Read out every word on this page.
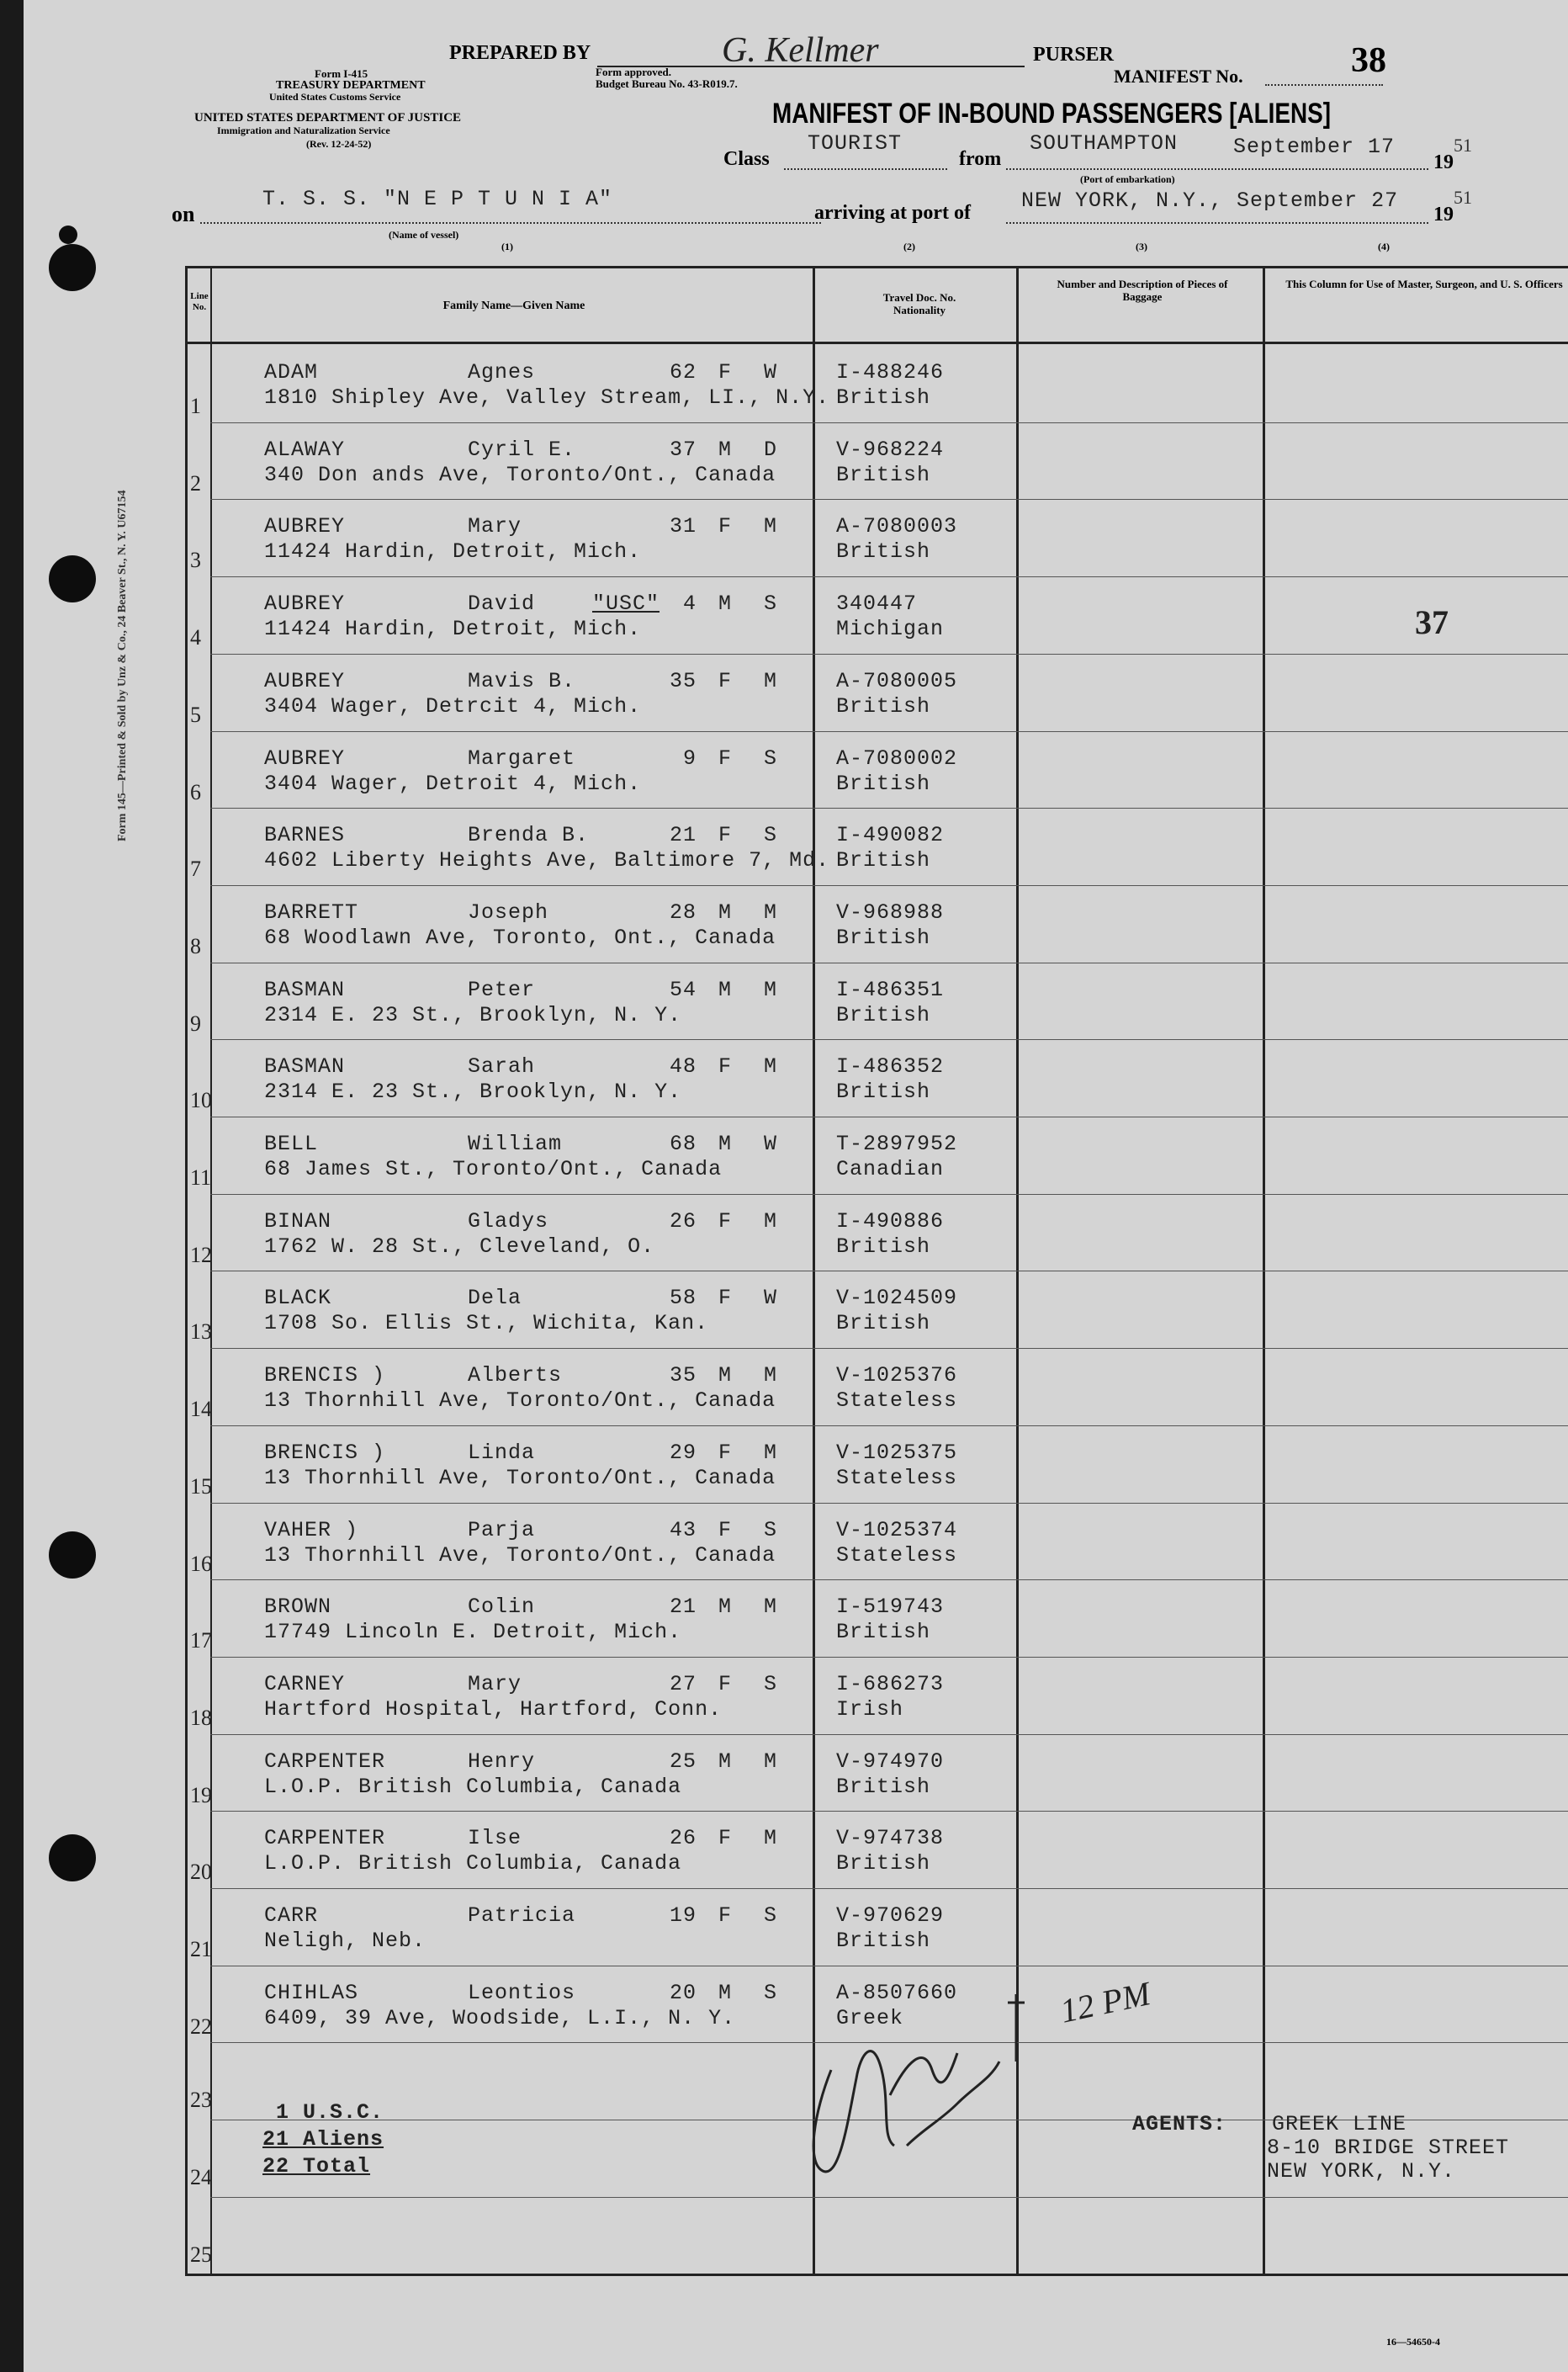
Form 145—Printed & Sold by Unz & Co., 24 Beaver St., N. Y. U67154
PREPARED BY	G. Kellmer	PURSER
MANIFEST No.	38
Form I-415
TREASURY DEPARTMENT
United States Customs Service
UNITED STATES DEPARTMENT OF JUSTICE
Immigration and Naturalization Service
(Rev. 12-24-52)
Form approved.
Budget Bureau No. 43-R019.7.
MANIFEST OF IN-BOUND PASSENGERS [ALIENS]
Class
TOURIST
from
SOUTHAMPTON	September 17
19
51
(Port of embarkation)
on
T. S. S. "N E P T U N I A"
(Name of vessel)
arriving at port of NEW YORK, N.Y., September 27
19
51
(1)	(2)	(3)	(4)
Line No.	Family Name—Given Name
Travel Doc. No. Nationality
Number and Description of Pieces of Baggage
This Column for Use of Master, Surgeon, and U. S. Officers
1
ADAM	Agnes	62 F W
1810 Shipley Ave, Valley Stream, LI., N.Y.
I-488246
British
2
ALAWAY	Cyril E.	37 M D
340 Don ands Ave, Toronto/Ont., Canada
V-968224
British
3
AUBREY	Mary	31 F M
11424 Hardin, Detroit, Mich.
A-7080003
British
4
AUBREY	David	"USC"	4 M S
11424 Hardin, Detroit, Mich.
340447
Michigan
5
AUBREY	Mavis B.	35 F M
3404 Wager, Detrcit 4, Mich.
A-7080005
British
6
AUBREY	Margaret	9 F S
3404 Wager, Detroit 4, Mich.
A-7080002
British
7
BARNES	Brenda B.	21 F S
4602 Liberty Heights Ave, Baltimore 7, Md.
I-490082
British
8
BARRETT	Joseph	28 M M
68 Woodlawn Ave, Toronto, Ont., Canada
V-968988
British
9
BASMAN	Peter	54 M M
2314 E. 23 St., Brooklyn, N. Y.
I-486351
British
10
BASMAN	Sarah	48 F M
2314 E. 23 St., Brooklyn, N. Y.
I-486352
British
11
BELL	William	68 M W
68 James St., Toronto/Ont., Canada
T-2897952
Canadian
12
BINAN	Gladys	26 F M
1762 W. 28 St., Cleveland, O.
I-490886
British
13
BLACK	Dela	58 F W
1708 So. Ellis St., Wichita, Kan.
V-1024509
British
14
BRENCIS )	Alberts	35 M M
13 Thornhill Ave, Toronto/Ont., Canada
V-1025376
Stateless
15
BRENCIS )	Linda	29 F M
13 Thornhill Ave, Toronto/Ont., Canada
V-1025375
Stateless
16
VAHER )	Parja	43 F S
13 Thornhill Ave, Toronto/Ont., Canada
V-1025374
Stateless
17
BROWN	Colin	21 M M
17749 Lincoln E. Detroit, Mich.
I-519743
British
18
CARNEY	Mary	27 F S
Hartford Hospital, Hartford, Conn.
I-686273
Irish
19
CARPENTER	Henry	25 M M
L.O.P. British Columbia, Canada
V-974970
British
20
CARPENTER	Ilse	26 F M
L.O.P. British Columbia, Canada
V-974738
British
21
CARR	Patricia	19 F S
Neligh, Neb.
V-970629
British
22
CHIHLAS	Leontios	20 M S
6409, 39 Ave, Woodside, L.I., N. Y.
A-8507660
Greek
23
24
25
37
1 U.S.C.
21 Aliens
22 Total
AGENTS: GREEK LINE
8-10 BRIDGE STREET
NEW YORK, N.Y.
12 PM
16—54650-4
